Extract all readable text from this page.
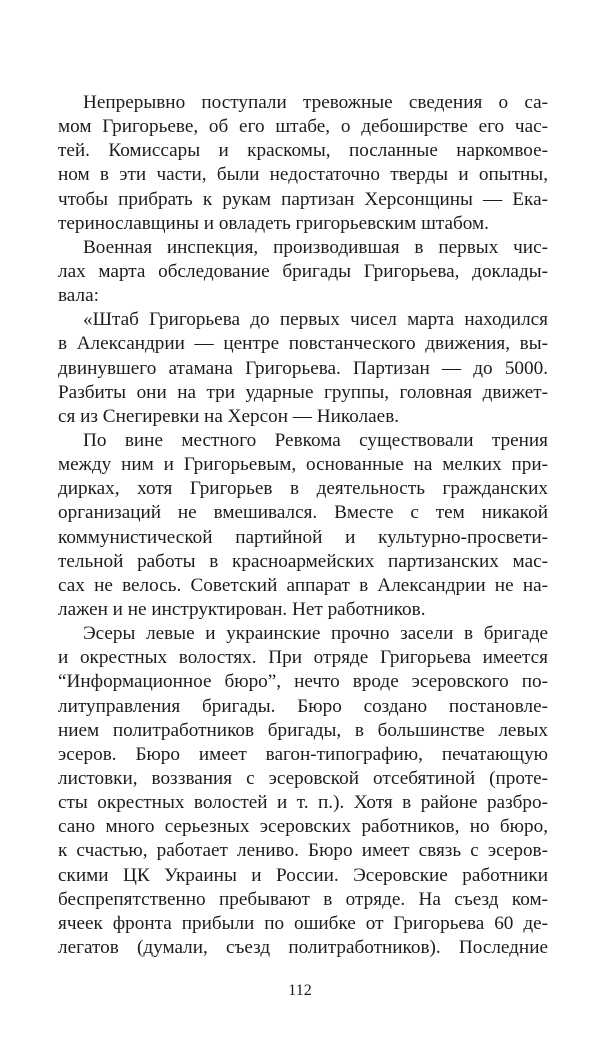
Непрерывно поступали тревожные сведения о са-
мом Григорьеве, об его штабе, о дебоширстве его час-
тей. Комиссары и краскомы, посланные наркомвое-
ном в эти части, были недостаточно тверды и опытны,
чтобы прибрать к рукам партизан Херсонщины — Ека-
теринославщины и овладеть григорьевским штабом.
Военная инспекция, производившая в первых чис-
лах марта обследование бригады Григорьева, доклады-
вала:
«Штаб Григорьева до первых чисел марта находился
в Александрии — центре повстанческого движения, вы-
двинувшего атамана Григорьева. Партизан — до 5000.
Разбиты они на три ударные группы, головная движет-
ся из Снегиревки на Херсон — Николаев.
По вине местного Ревкома существовали трения
между ним и Григорьевым, основанные на мелких при-
дирках, хотя Григорьев в деятельность гражданских
организаций не вмешивался. Вместе с тем никакой
коммунистической партийной и культурно-просвети-
тельной работы в красноармейских партизанских мас-
сах не велось. Советский аппарат в Александрии не на-
лажен и не инструктирован. Нет работников.
Эсеры левые и украинские прочно засели в бригаде
и окрестных волостях. При отряде Григорьева имеется
“Информационное бюро”, нечто вроде эсеровского по-
литуправления бригады. Бюро создано постановле-
нием политработников бригады, в большинстве левых
эсеров. Бюро имеет вагон-типографию, печатающую
листовки, воззвания с эсеровской отсебятиной (проте-
сты окрестных волостей и т. п.). Хотя в районе разбро-
сано много серьезных эсеровских работников, но бюро,
к счастью, работает лениво. Бюро имеет связь с эсеров-
скими ЦК Украины и России. Эсеровские работники
беспрепятственно пребывают в отряде. На съезд ком-
ячеек фронта прибыли по ошибке от Григорьева 60 де-
легатов (думали, съезд политработников). Последние
112
